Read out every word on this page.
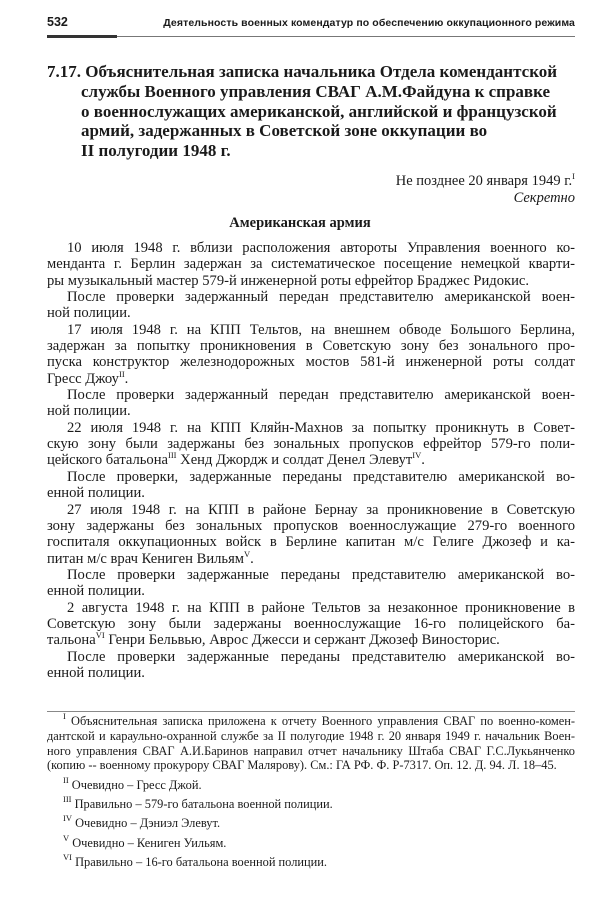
532	Деятельность военных комендатур по обеспечению оккупационного режима
7.17. Объяснительная записка начальника Отдела комендантской
службы Военного управления СВАГ А.М.Файдуна к справке
о военнослужащих американской, английской и французской
армий, задержанных в Советской зоне оккупации во
II полугодии 1948 г.
Не позднее 20 января 1949 г.$^I$
Секретно
Американская армия
10 июля 1948 г. вблизи расположения автороты Управления военного ко-
менданта г. Берлин задержан за систематическое посещение немецкой кварти-
ры музыкальный мастер 579-й инженерной роты ефрейтор Браджес Ридокис.
После проверки задержанный передан представителю американской воен-
ной полиции.
17 июля 1948 г. на КПП Тельтов, на внешнем обводе Большого Берлина,
задержан за попытку проникновения в Советскую зону без зонального про-
пуска конструктор железнодорожных мостов 581-й инженерной роты солдат
Гресс Джоу$^{II}$.
После проверки задержанный передан представителю американской воен-
ной полиции.
22 июля 1948 г. на КПП Кляйн-Махнов за попытку проникнуть в Совет-
скую зону были задержаны без зональных пропусков ефрейтор 579-го поли-
цейского батальона$^{III}$ Хенд Джордж и солдат Денел Элевут$^{IV}$.
После проверки, задержанные переданы представителю американской во-
енной полиции.
27 июля 1948 г. на КПП в районе Бернау за проникновение в Советскую
зону задержаны без зональных пропусков военнослужащие 279-го военного
госпиталя оккупационных войск в Берлине капитан м/с Гелиге Джозеф и ка-
питан м/с врач Кениген Вильям$^V$.
После проверки задержанные переданы представителю американской во-
енной полиции.
2 августа 1948 г. на КПП в районе Тельтов за незаконное проникновение в
Советскую зону были задержаны военнослужащие 16-го полицейского ба-
тальона$^{VI}$ Генри Бельвью, Аврос Джесси и сержант Джозеф Виносторис.
После проверки задержанные переданы представителю американской во-
енной полиции.
$^I$ Объяснительная записка приложена к отчету Военного управления СВАГ по военно-комен-
дантской и караульно-охранной службе за II полугодие 1948 г. 20 января 1949 г. начальник Воен-
ного управления СВАГ А.И.Баринов направил отчет начальнику Штаба СВАГ Г.С.Лукьянченко
(копию -- военному прокурору СВАГ Малярову). См.: ГА РФ. Ф. Р-7317. Оп. 12. Д. 94. Л. 18–45.
$^{II}$ Очевидно – Гресс Джой.
$^{III}$ Правильно – 579-го батальона военной полиции.
$^{IV}$ Очевидно – Дэниэл Элевут.
$^V$ Очевидно – Кениген Уильям.
$^{VI}$ Правильно – 16-го батальона военной полиции.
